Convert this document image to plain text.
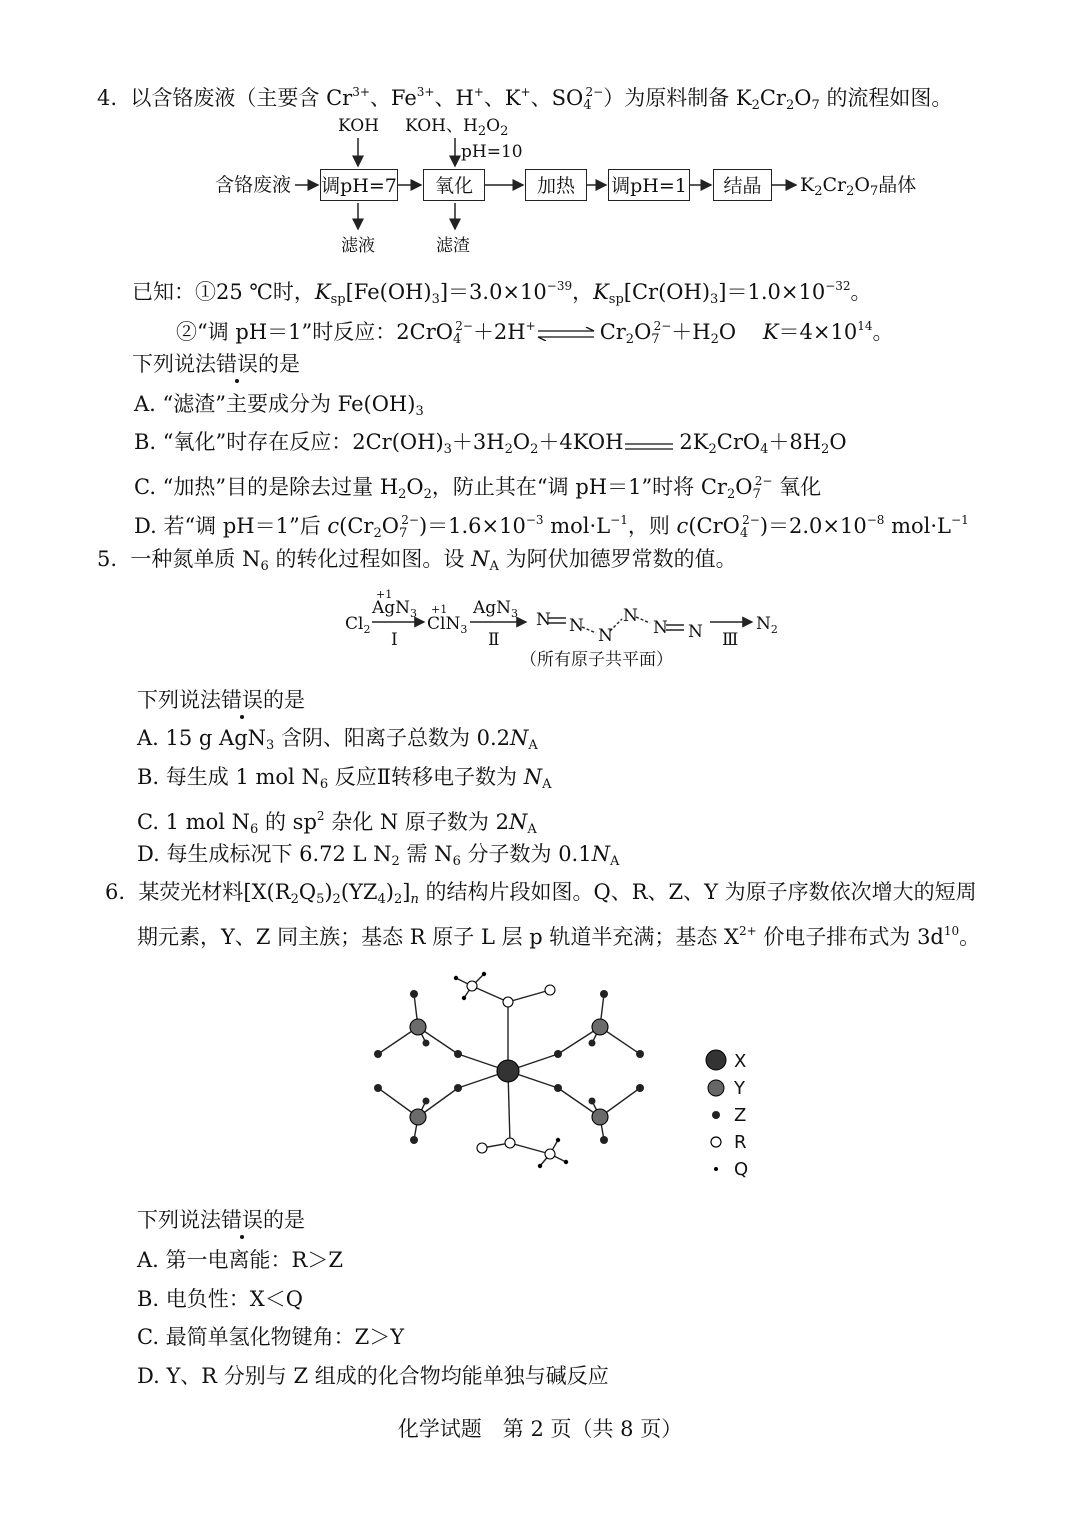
4. 以含铬废液（主要含 $Cr^{3+}$、$Fe^{3+}$、H+、K+、$SO_4^{2-}$）为原料制备 $K_2Cr_2O_7$ 的流程如图。
含铬废液 调pH=7	氧化	加热	调pH=1	结晶	$K_2Cr_2O_7$晶体
KOH KOH、$H_2O_2$
pH=10
滤液	滤渣
已知：①25 ℃时，$K_{sp}[Fe(OH)_3]=3.0\times 10^{-39}$，$K_{sp}[Cr(OH)_3]=1.0\times 10^{-32}$。
②“调 pH＝1”时反应：$2CrO_4^{2-}+2H^+\rightleftharpoons Cr_2O_7^{2-}+H_2O$ $K=4\times 10^{14}$。
下列说法错误的是
A. “滤渣”主要成分为 $Fe(OH)_3$
B. “氧化”时存在反应：$2Cr(OH)_3+3H_2O_2+4KOH$	$2K_2CrO_4+8H_2O$
C. “加热”目的是除去过量 $H_2O_2$，防止其在“调 pH＝1”时将 $Cr_2O_7^{2-}$ 氧化
D. 若“调 pH＝1”后 $c(Cr_2O_7^{2-})=1.6\times 10^{-3}$ $mol\cdot L^{-1}$，则 $c(CrO_4^{2-})=2.0\times 10^{-8}$ $mol\cdot L^{-1}$
5. 一种氮单质 $N_6$ 的转化过程如图。设 $N_A$ 为阿伏加德罗常数的值。
N N N
N
N N
$Cl_2$
+1
AgN$_3$
I
+1
ClN$_3$
AgN$_3$
Ⅱ	Ⅲ
$N_2$
（所有原子共平面）
下列说法错误的是
A. 15 g AgN$_3$ 含阴、阳离子总数为 $0.2N_A$
B. 每生成 1 mol $N_6$ 反应Ⅱ转移电子数为 $N_A$
C. 1 mol $N_6$ 的 $sp^2$ 杂化 N 原子数为 $2N_A$
D. 每生成标况下 6.72 L $N_2$ 需 $N_6$ 分子数为 $0.1N_A$
6. 某荧光材料$[X(R_2Q_5)_2(YZ_4)_2]_n$ 的结构片段如图。Q、R、Z、Y 为原子序数依次增大的短周
期元素，Y、Z 同主族；基态 R 原子 L 层 p 轨道半充满；基态 $X^{2+}$ 价电子排布式为 $3d^{10}$。
X
Y
Z
R
Q
下列说法错误的是
A. 第一电离能：R＞Z
B. 电负性：X＜Q
C. 最简单氢化物键角：Z＞Y
D. Y、R 分别与 Z 组成的化合物均能单独与碱反应
化学试题　第 2 页（共 8 页）
